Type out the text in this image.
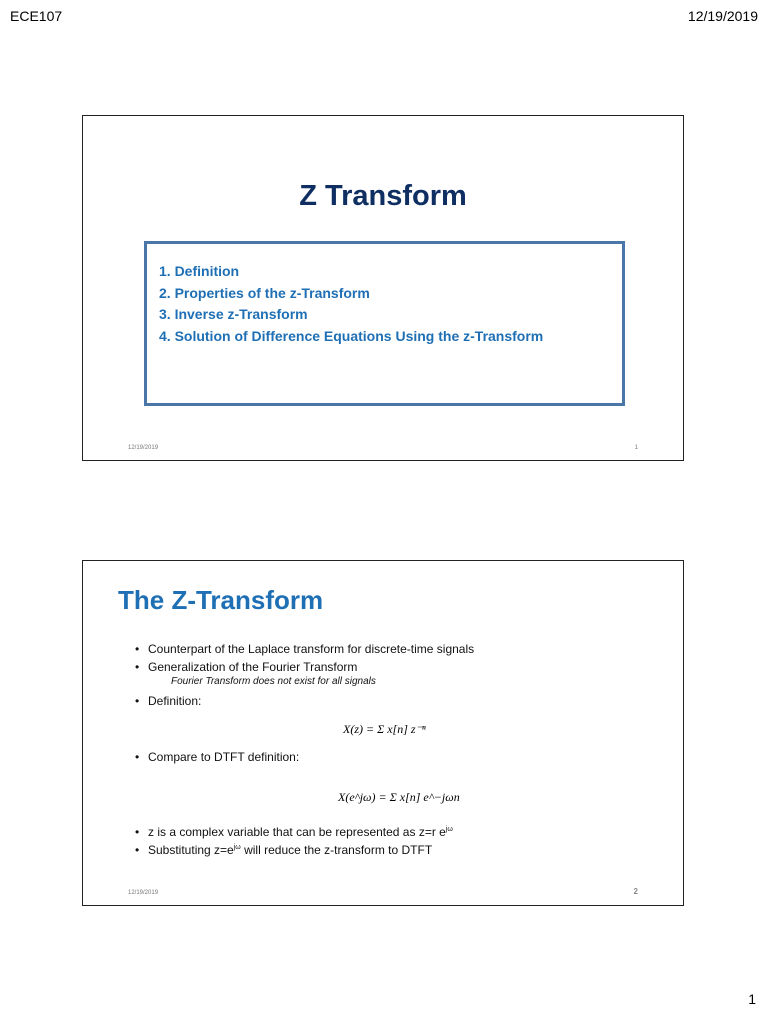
ECE107	12/19/2019
Z Transform
1. Definition
2. Properties of the z-Transform
3. Inverse z-Transform
4. Solution of Difference Equations Using the z-Transform
12/19/2019	1
The Z-Transform
• Counterpart of the Laplace transform for discrete-time signals
• Generalization of the Fourier Transform
Fourier Transform does not exist for all signals
• Definition:
X(z) = Σ x[n] z⁻ⁿ
• Compare to DTFT definition:
X(e^jω) = Σ x[n] e^−jωn
• z is a complex variable that can be represented as z=r $e^{j\omega}$
• Substituting $z=e^{j\omega}$ will reduce the z-transform to DTFT
12/19/2019	2
1
